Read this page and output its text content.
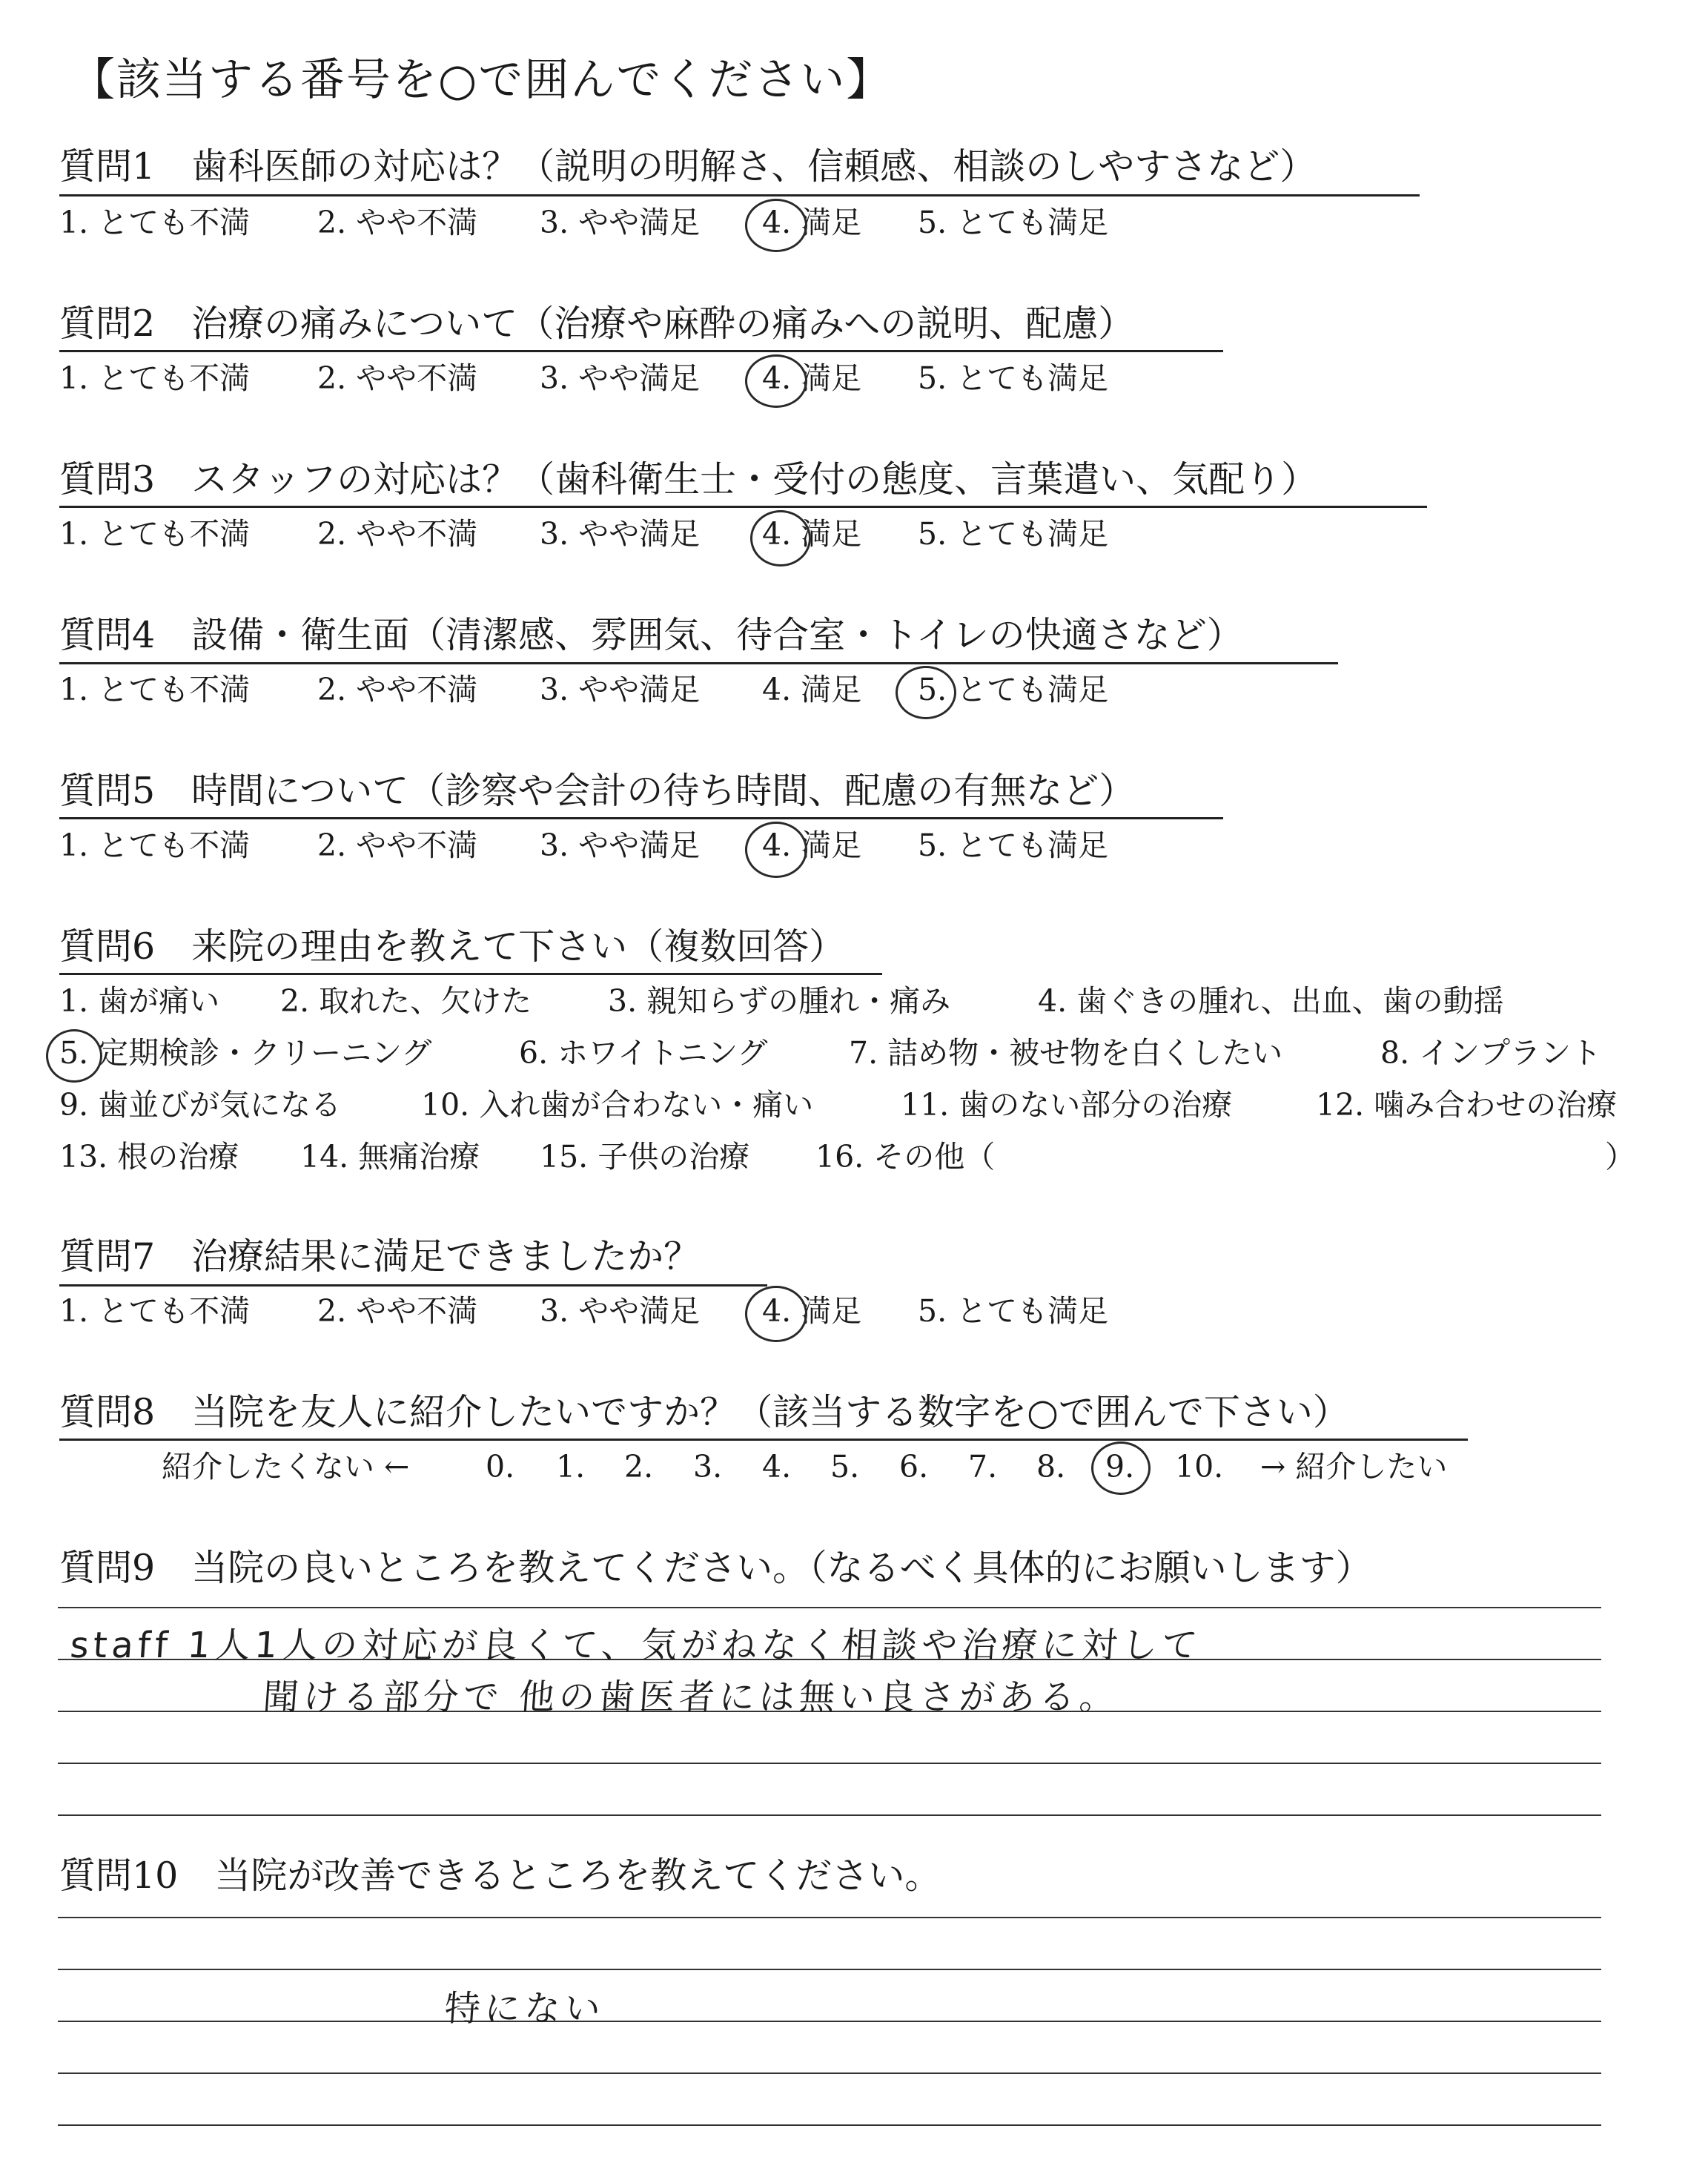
【該当する番号を○で囲んでください】
質問1　歯科医師の対応は？（説明の明解さ、信頼感、相談のしやすさなど）
1. とても不満 2. やや不満 3. やや満足 4. 満足 5. とても満足
質問2　治療の痛みについて（治療や麻酔の痛みへの説明、配慮）
1. とても不満 2. やや不満 3. やや満足 4. 満足 5. とても満足
質問3　スタッフの対応は？（歯科衛生士・受付の態度、言葉遣い、気配り）
1. とても不満 2. やや不満 3. やや満足 4. 満足 5. とても満足
質問4　設備・衛生面（清潔感、雰囲気、待合室・トイレの快適さなど）
1. とても不満 2. やや不満 3. やや満足 4. 満足 5. とても満足
質問5　時間について（診察や会計の待ち時間、配慮の有無など）
1. とても不満 2. やや不満 3. やや満足 4. 満足 5. とても満足
質問6　来院の理由を教えて下さい（複数回答）
1. 歯が痛い 2. 取れた、欠けた	3. 親知らずの腫れ・痛み	4. 歯ぐきの腫れ、出血、歯の動揺
5. 定期検診・クリーニング	6. ホワイトニング	7. 詰め物・被せ物を白くしたい	8. インプラント
9. 歯並びが気になる	10. 入れ歯が合わない・痛い	11. 歯のない部分の治療	12. 噛み合わせの治療
13. 根の治療 14. 無痛治療 15. 子供の治療 16. その他（	）
質問7　治療結果に満足できましたか？
1. とても不満 2. やや不満 3. やや満足 4. 満足 5. とても満足
質問8　当院を友人に紹介したいですか？（該当する数字を○で囲んで下さい）
紹介したくない ←	0. 1. 2. 3. 4. 5. 6. 7. 8. 9. 10. → 紹介したい
質問9　当院の良いところを教えてください。（なるべく具体的にお願いします）
staff 1人1人の対応が良くて、気がねなく相談や治療に対して
聞ける部分で 他の歯医者には無い良さがある。
質問10　当院が改善できるところを教えてください。
特にない
